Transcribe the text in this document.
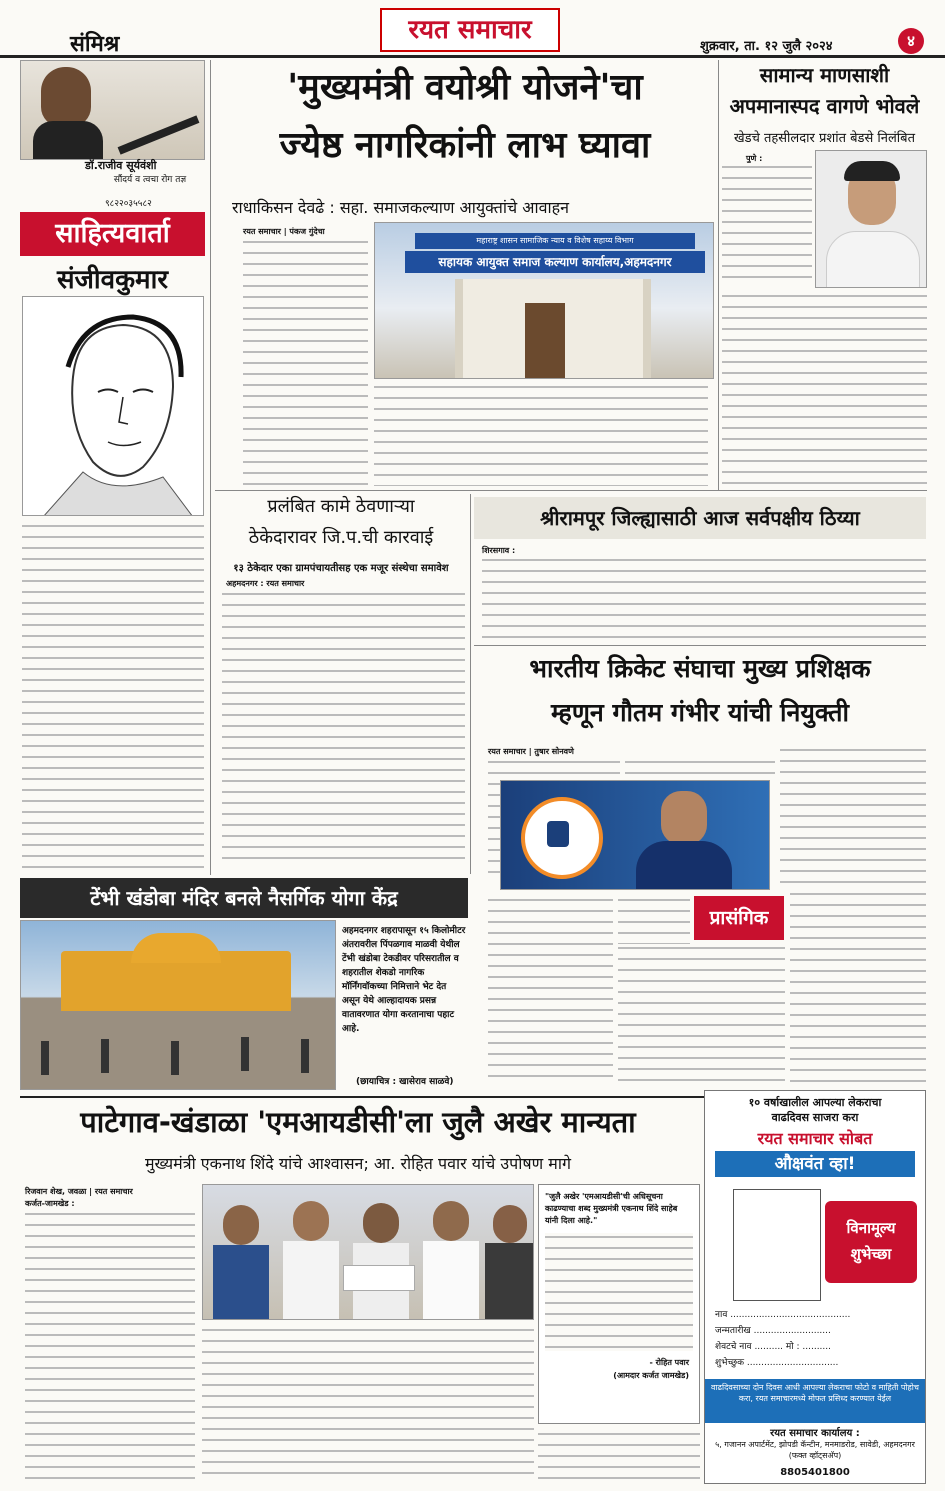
संमिश्र	रयत समाचार
शुक्रवार, ता. १२ जुलै २०२४	४
डॉ.राजीव सूर्यवंशी
सौंदर्य व त्वचा रोग तज्ञ
९८२२०३५५८२
साहित्यवार्ता
संजीवकुमार
'मुख्यमंत्री वयोश्री योजने'चा
ज्येष्ठ नागरिकांनी लाभ घ्यावा
राधाकिसन देवढे : सहा. समाजकल्याण आयुक्तांचे आवाहन
रयत समाचार | पंकज गुंदेचा
महाराष्ट्र शासन सामाजिक न्याय व विशेष सहाय्य विभाग
सहायक आयुक्त समाज कल्याण कार्यालय,अहमदनगर
सामान्य माणसाशी
अपमानास्पद वागणे भोवले
खेडचे तहसीलदार प्रशांत बेडसे निलंबित
पुणे :
प्रलंबित कामे ठेवणाऱ्या
ठेकेदारावर जि.प.ची कारवाई
१३ ठेकेदार एका ग्रामपंचायतीसह एक मजूर संस्थेचा समावेश
अहमदनगर : रयत समाचार
श्रीरामपूर जिल्ह्यासाठी आज सर्वपक्षीय ठिय्या
शिरसगाव :
भारतीय क्रिकेट संघाचा मुख्य प्रशिक्षक
म्हणून गौतम गंभीर यांची नियुक्ती
रयत समाचार | तुषार सोनवणे
प्रासंगिक
टेंभी खंडोबा मंदिर बनले नैसर्गिक योगा केंद्र
अहमदनगर शहरापासून १५ किलोमीटर अंतरावरील पिंपळगाव माळवी येथील टेंभी खंडोबा टेकडीवर परिसरातील व शहरातील शेकडो नागरिक मॉर्निंगवॉकच्या निमित्ताने भेट देत असून येथे आल्हादायक प्रसन्न वातावरणात योगा करतानाचा पहाट आहे.
(छायाचित्र : खासेराव साळवे)
पाटेगाव-खंडाळा 'एमआयडीसी'ला जुलै अखेर मान्यता
मुख्यमंत्री एकनाथ शिंदे यांचे आश्वासन; आ. रोहित पवार यांचे उपोषण मागे
रिजवान शेख, जवळा | रयत समाचार
कर्जत-जामखेड :
"जुलै अखेर 'एमआयडीसी'ची अधिसूचना काढण्याचा शब्द मुख्यमंत्री एकनाथ शिंदे साहेब यांनी दिला आहे."
- रोहित पवार
(आमदार कर्जत जामखेड)
१० वर्षाखालील आपल्या लेकराचा
वाढदिवस साजरा करा
रयत समाचार सोबत
औक्षवंत व्हा!
विनामूल्य
शुभेच्छा
नाव ..........................................
जन्मतारीख ...........................
शेवटचे नाव .......... मो : ..........
शुभेच्छुक ................................
वाढदिवसाच्या दोन दिवस आधी आपल्या लेकराचा फोटो व माहिती पोहोच करा, रयत समाचारमध्ये मोफत प्रसिध्द करण्यात येईल
रयत समाचार कार्यालय :
५, गजानन अपार्टमेंट, झोपडी कॅन्टीन, मनमाडरोड, सावेडी, अहमदनगर (फक्त व्हॉट्सअ‍ॅप)
8805401800
